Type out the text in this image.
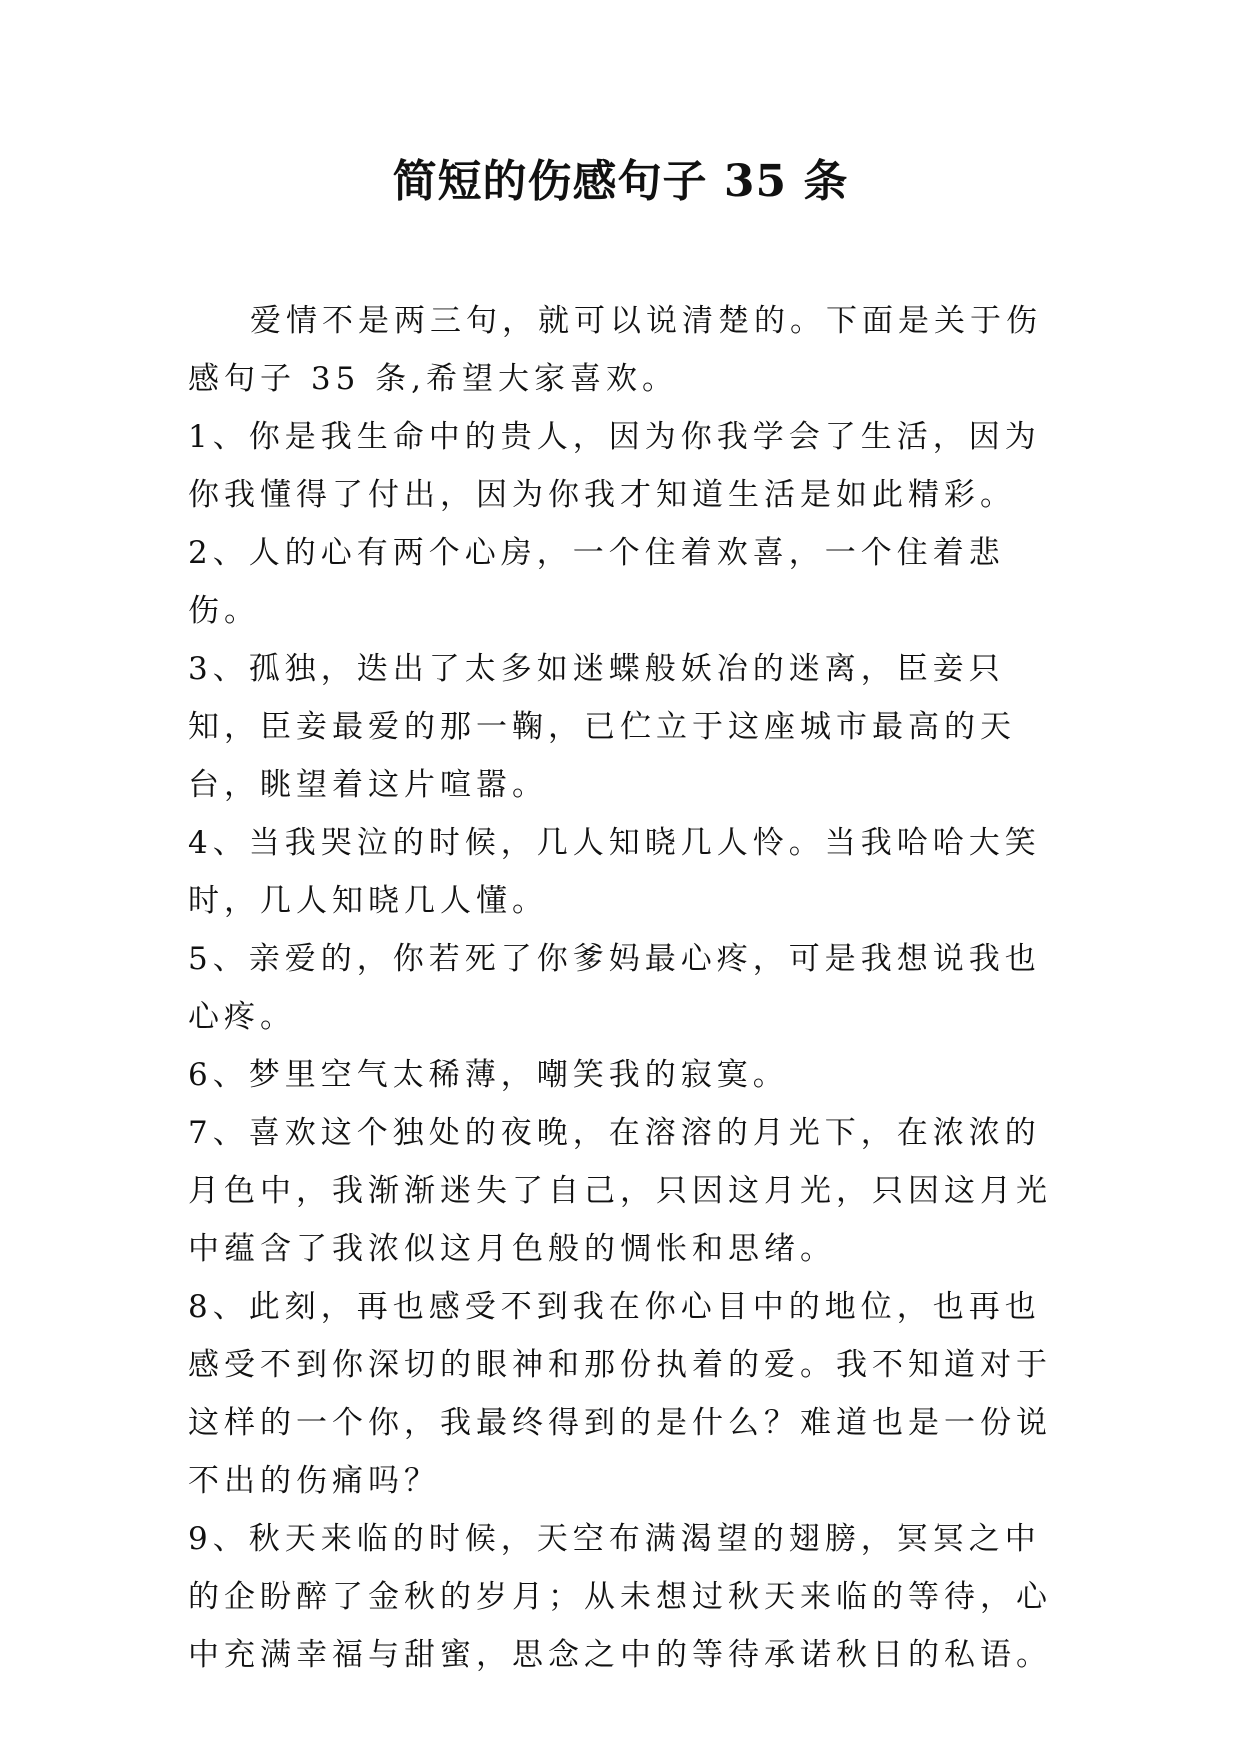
简短的伤感句子 35 条

爱情不是两三句，就可以说清楚的。下面是关于伤感句子 35 条,希望大家喜欢。

1、你是我生命中的贵人，因为你我学会了生活，因为你我懂得了付出，因为你我才知道生活是如此精彩。

2、人的心有两个心房，一个住着欢喜，一个住着悲伤。

3、孤独，迭出了太多如迷蝶般妖冶的迷离，臣妾只知，臣妾最爱的那一鞠，已伫立于这座城市最高的天台，眺望着这片喧嚣。

4、当我哭泣的时候，几人知晓几人怜。当我哈哈大笑时，几人知晓几人懂。

5、亲爱的，你若死了你爹妈最心疼，可是我想说我也心疼。

6、梦里空气太稀薄，嘲笑我的寂寞。

7、喜欢这个独处的夜晚，在溶溶的月光下，在浓浓的月色中，我渐渐迷失了自己，只因这月光，只因这月光中蕴含了我浓似这月色般的惆怅和思绪。

8、此刻，再也感受不到我在你心目中的地位，也再也感受不到你深切的眼神和那份执着的爱。我不知道对于这样的一个你，我最终得到的是什么？难道也是一份说不出的伤痛吗？

9、秋天来临的时候，天空布满渴望的翅膀，冥冥之中的企盼醉了金秋的岁月；从未想过秋天来临的等待，心中充满幸福与甜蜜，思念之中的等待承诺秋日的私语。
